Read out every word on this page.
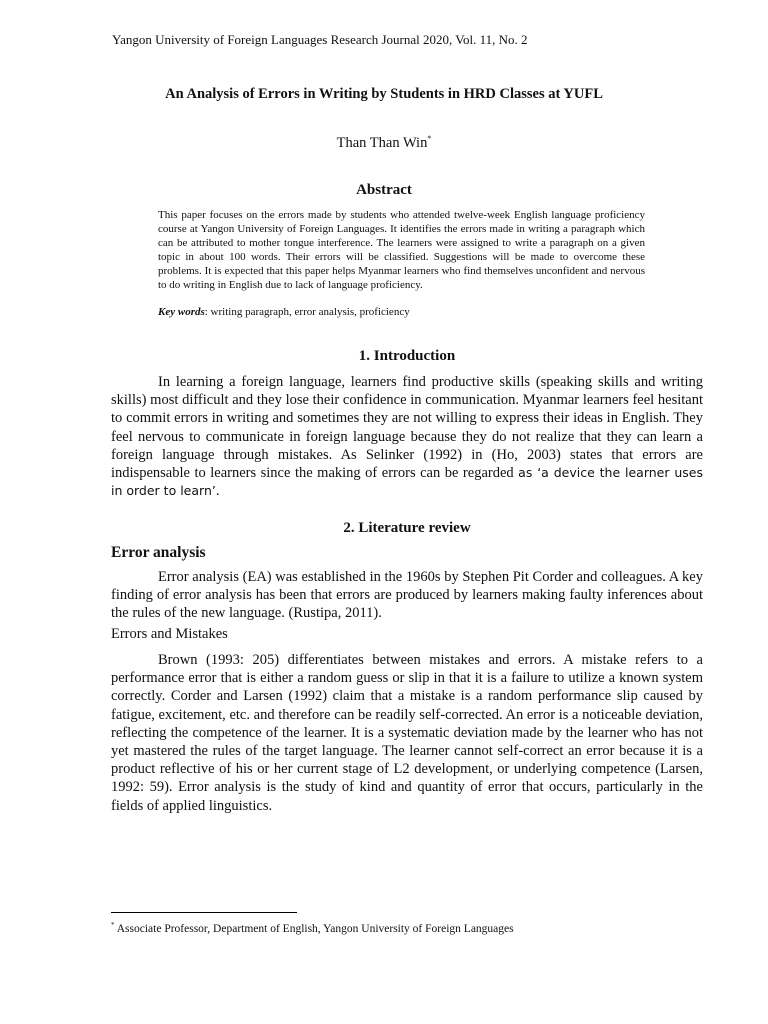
Yangon University of Foreign Languages Research Journal 2020, Vol. 11, No. 2
An Analysis of Errors in Writing by Students in HRD Classes at YUFL
Than Than Win*
Abstract
This paper focuses on the errors made by students who attended twelve-week English language proficiency course at Yangon University of Foreign Languages. It identifies the errors made in writing a paragraph which can be attributed to mother tongue interference. The learners were assigned to write a paragraph on a given topic in about 100 words. Their errors will be classified. Suggestions will be made to overcome these problems. It is expected that this paper helps Myanmar learners who find themselves unconfident and nervous to do writing in English due to lack of language proficiency.
Key words: writing paragraph, error analysis, proficiency
1. Introduction
In learning a foreign language, learners find productive skills (speaking skills and writing skills) most difficult and they lose their confidence in communication. Myanmar learners feel hesitant to commit errors in writing and sometimes they are not willing to express their ideas in English. They feel nervous to communicate in foreign language because they do not realize that they can learn a foreign language through mistakes. As Selinker (1992) in (Ho, 2003) states that errors are indispensable to learners since the making of errors can be regarded as ‘a device the learner uses in order to learn’.
2. Literature review
Error analysis
Error analysis (EA) was established in the 1960s by Stephen Pit Corder and colleagues. A key finding of error analysis has been that errors are produced by learners making faulty inferences about the rules of the new language. (Rustipa, 2011).
Errors and Mistakes
Brown (1993: 205) differentiates between mistakes and errors. A mistake refers to a performance error that is either a random guess or slip in that it is a failure to utilize a known system correctly. Corder and Larsen (1992) claim that a mistake is a random performance slip caused by fatigue, excitement, etc. and therefore can be readily self-corrected. An error is a noticeable deviation, reflecting the competence of the learner. It is a systematic deviation made by the learner who has not yet mastered the rules of the target language. The learner cannot self-correct an error because it is a product reflective of his or her current stage of L2 development, or underlying competence (Larsen, 1992: 59). Error analysis is the study of kind and quantity of error that occurs, particularly in the fields of applied linguistics.
* Associate Professor, Department of English, Yangon University of Foreign Languages
